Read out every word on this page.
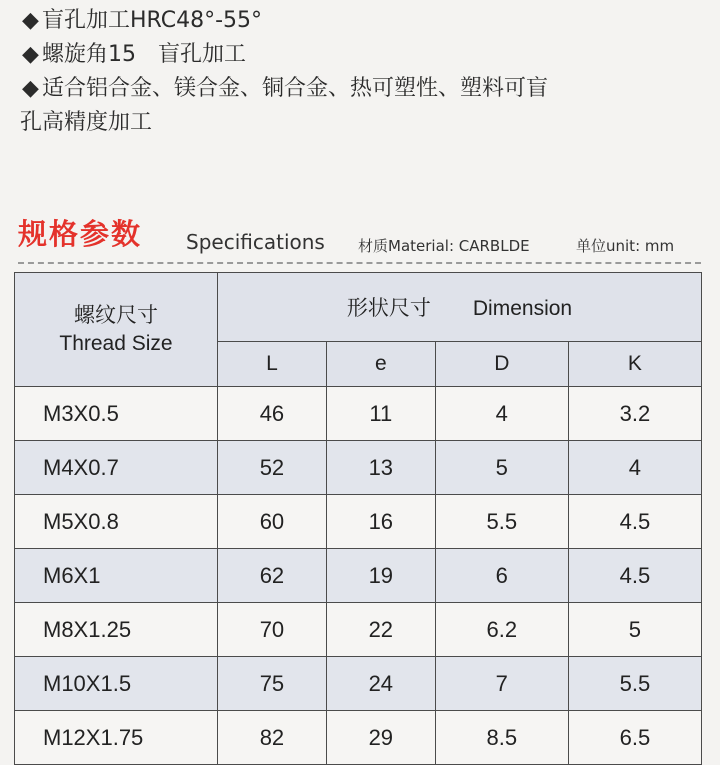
◆ 盲孔加工HRC48°-55°
◆ 螺旋角15　盲孔加工
◆ 适合铝合金、镁合金、铜合金、热可塑性、塑料可盲
孔高精度加工
规格参数 Specifications 材质Material: CARBLDE	单位unit: mm
螺纹尺寸
Thread Size	形状尺寸　　Dimension			
	L	e	D	K
M3X0.5	46	11	4	3.2
M4X0.7	52	13	5	4
M5X0.8	60	16	5.5	4.5
M6X1	62	19	6	4.5
M8X1.25	70	22	6.2	5
M10X1.5	75	24	7	5.5
M12X1.75	82	29	8.5	6.5
